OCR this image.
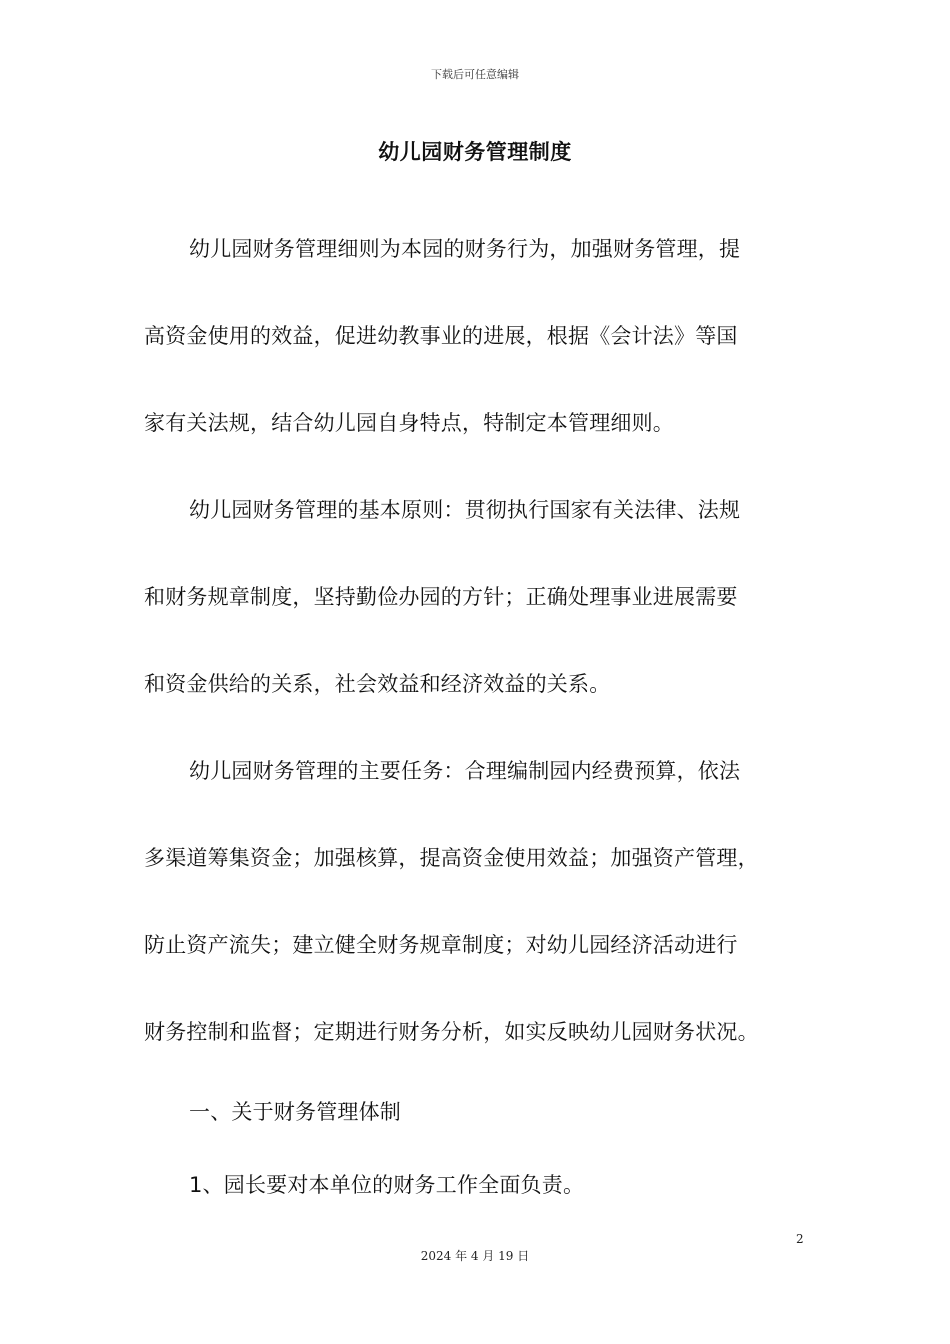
下载后可任意编辑
幼儿园财务管理制度

幼儿园财务管理细则为本园的财务行为，加强财务管理，提

高资金使用的效益，促进幼教事业的进展，根据《会计法》等国

家有关法规，结合幼儿园自身特点，特制定本管理细则。

幼儿园财务管理的基本原则：贯彻执行国家有关法律、法规

和财务规章制度，坚持勤俭办园的方针；正确处理事业进展需要

和资金供给的关系，社会效益和经济效益的关系。

幼儿园财务管理的主要任务：合理编制园内经费预算，依法

多渠道筹集资金；加强核算，提高资金使用效益；加强资产管理，

防止资产流失；建立健全财务规章制度；对幼儿园经济活动进行

财务控制和监督；定期进行财务分析，如实反映幼儿园财务状况。

一、关于财务管理体制

1、园长要对本单位的财务工作全面负责。

2
2024 年 4 月 19 日
